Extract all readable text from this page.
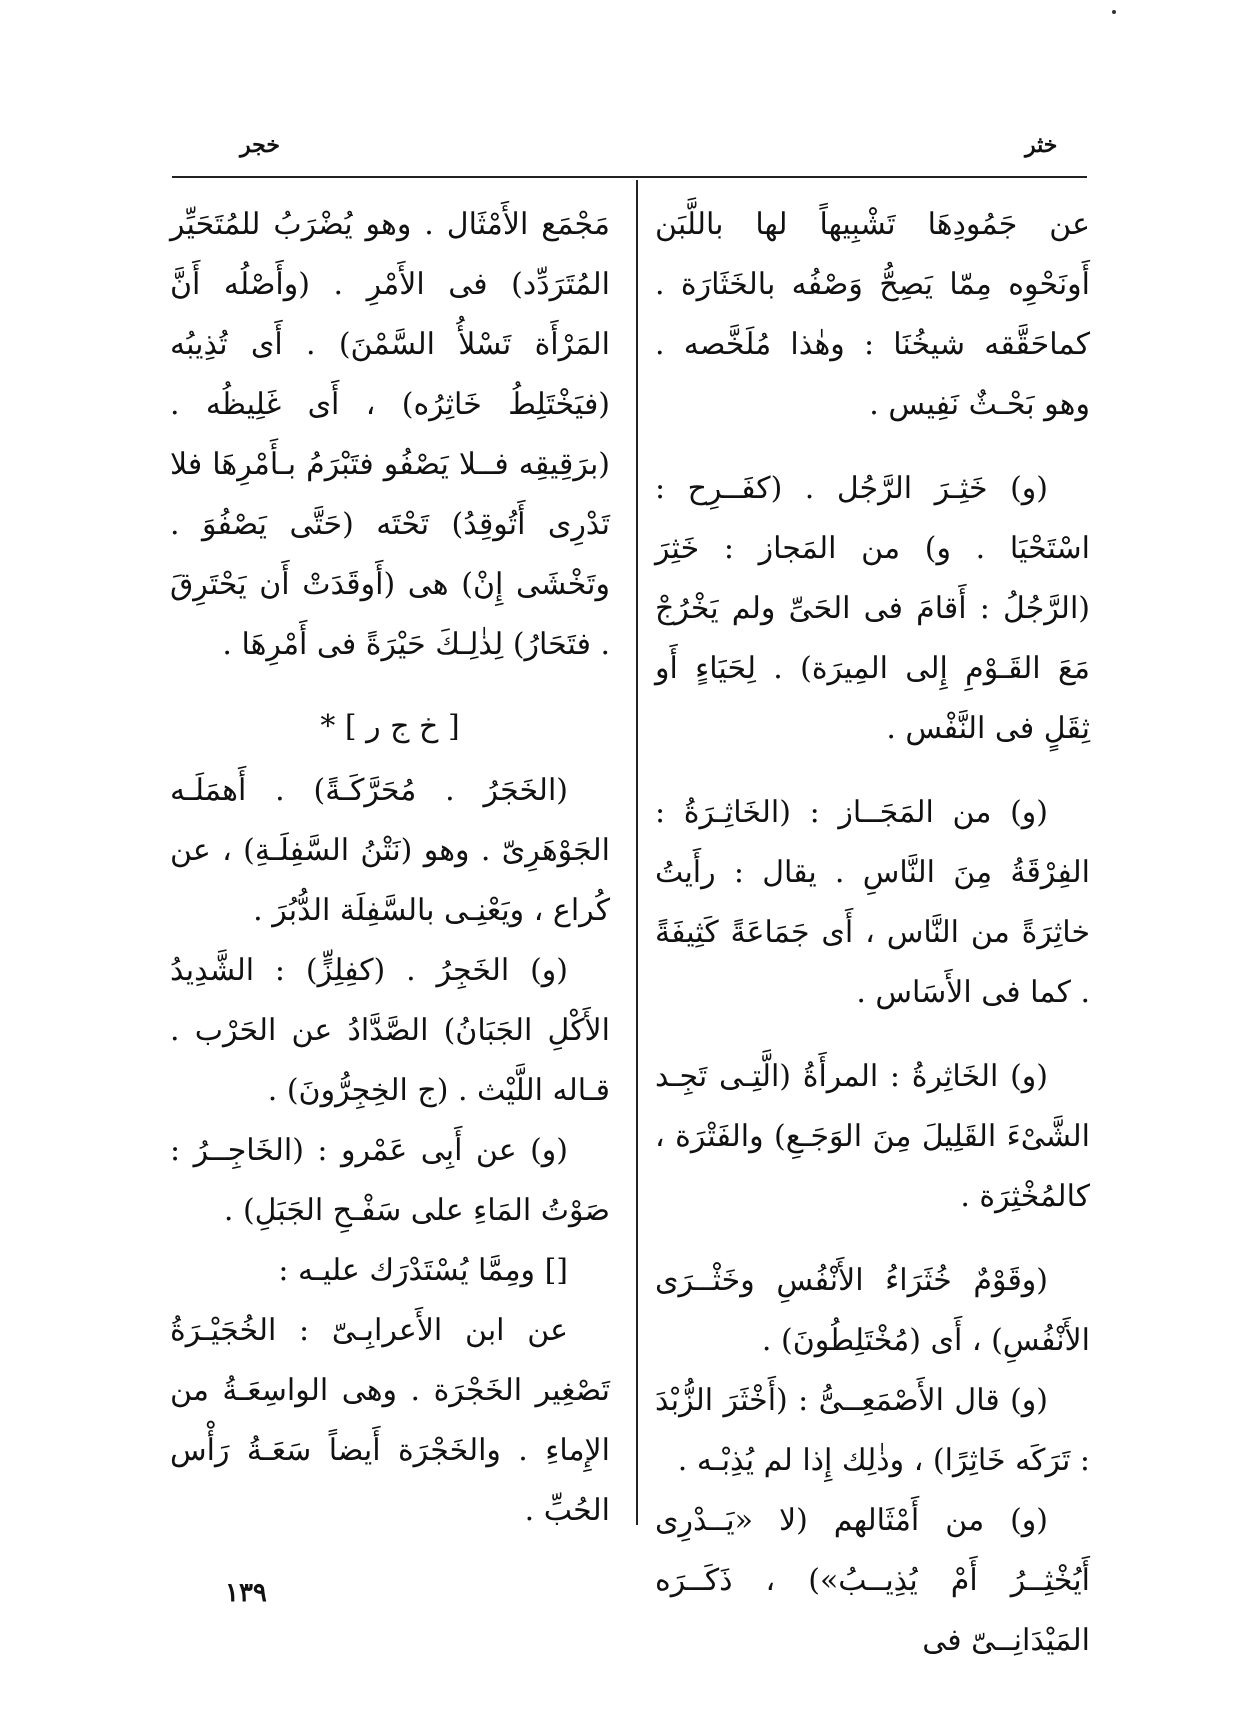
خجر	خثر

مَجْمَع الأَمْثَال . وهو يُضْرَبُ للمُتَحَيِّر المُتَرَدِّد) فى الأَمْرِ . (وأَصْلُه أَنَّ المَرْأَة تَسْلأُ السَّمْنَ) . أَى تُذِيبُه (فيَخْتَلِطُ خَاثِرُه) ، أَى غَلِيظُه . (برَقِيقِه فــلا يَصْفُو فتَبْرَمُ بـأَمْرِهَا فلا تَدْرِى أَتُوقِدُ) تَحْتَه (حَتَّى يَصْفُوَ . وتَخْشَى إِنْ) هى (أَوقَدَتْ أَن يَحْتَرِقَ . فتَحَارُ) لِذٰلِـكَ حَيْرَةً فى أَمْرِهَا .

[ خ ج ر ] *

(الخَجَرُ . مُحَرَّكَـةً) . أَهمَلَـه الجَوْهَرِىّ . وهو (نَتْنُ السَّفِلَـةِ) ، عن كُراع ، ويَعْنِـى بالسَّفِلَة الدُّبُرَ .

(و) الخَجِرُ . (كفِلِزٍّ) : الشَّدِيدُ الأَكْلِ الجَبَانُ) الصَّدَّادُ عن الحَرْب . قـاله اللَّيْث . (ج الخِجِرُّونَ) .

(و) عن أَبِى عَمْرو : (الخَاجِــرُ : صَوْتُ المَاءِ على سَفْـحِ الجَبَلِ) .

[] ومِمَّا يُسْتَدْرَك عليـه :

عن ابن الأَعرابِـىّ : الخُجَيْـرَةُ تَصْغِير الخَجْرَة . وهى الواسِعَـةُ من الإِماءِ . والخَجْرَة أَيضاً سَعَـةُ رَأْس الحُبِّ .

عن جَمُودِهَا تَشْبِيهاً لها باللَّبَن أَونَحْوِه مِمّا يَصِحُّ وَصْفُه بالخَثَارَة . كماحَقَّقه شيخُنَا : وهٰذا مُلَخَّصه . وهو بَحْـثٌ نَفِيس .

(و) خَثِـرَ الرَّجُل . (كفَــرِح : اسْتَحْيَا . و) من المَجاز : خَثِرَ (الرَّجُلُ : أَقامَ فى الحَىِّ ولم يَخْرُجْ مَعَ القَـوْمِ إِلى المِيرَة) . لِحَيَاءٍ أَو ثِقَلٍ فى النَّفْس .

(و) من المَجَــاز : (الخَاثِـرَةُ : الفِرْقَةُ مِنَ النَّاسِ . يقال : رأَيتُ خاثِرَةً من النَّاس ، أَى جَمَاعَةً كَثِيفَةً . كما فى الأَسَاس .

(و) الخَاثِرةُ : المرأَةُ (الَّتِـى تَجِـد الشَّىْءَ القَلِيلَ مِنَ الوَجَـعِ) والفَتْرَة ، كالمُخْثِرَة .

(وقَوْمٌ خُثَرَاءُ الأَنْفُسِ وخَثْــرَى الأَنْفُسِ) ، أَى (مُخْتَلِطُونَ) .

(و) قال الأَصْمَعِــىُّ : (أَخْثَرَ الزُّبْدَ : تَرَكَه خَاثِرًا) ، وذٰلِك إِذا لم يُذِبْـه .

(و) من أَمْثَالهم (لا «يَــدْرِى أَيُخْثِــرُ أَمْ يُذِيــبُ») ، ذَكَــرَه المَيْدَانِــىّ فى

١٣٩
